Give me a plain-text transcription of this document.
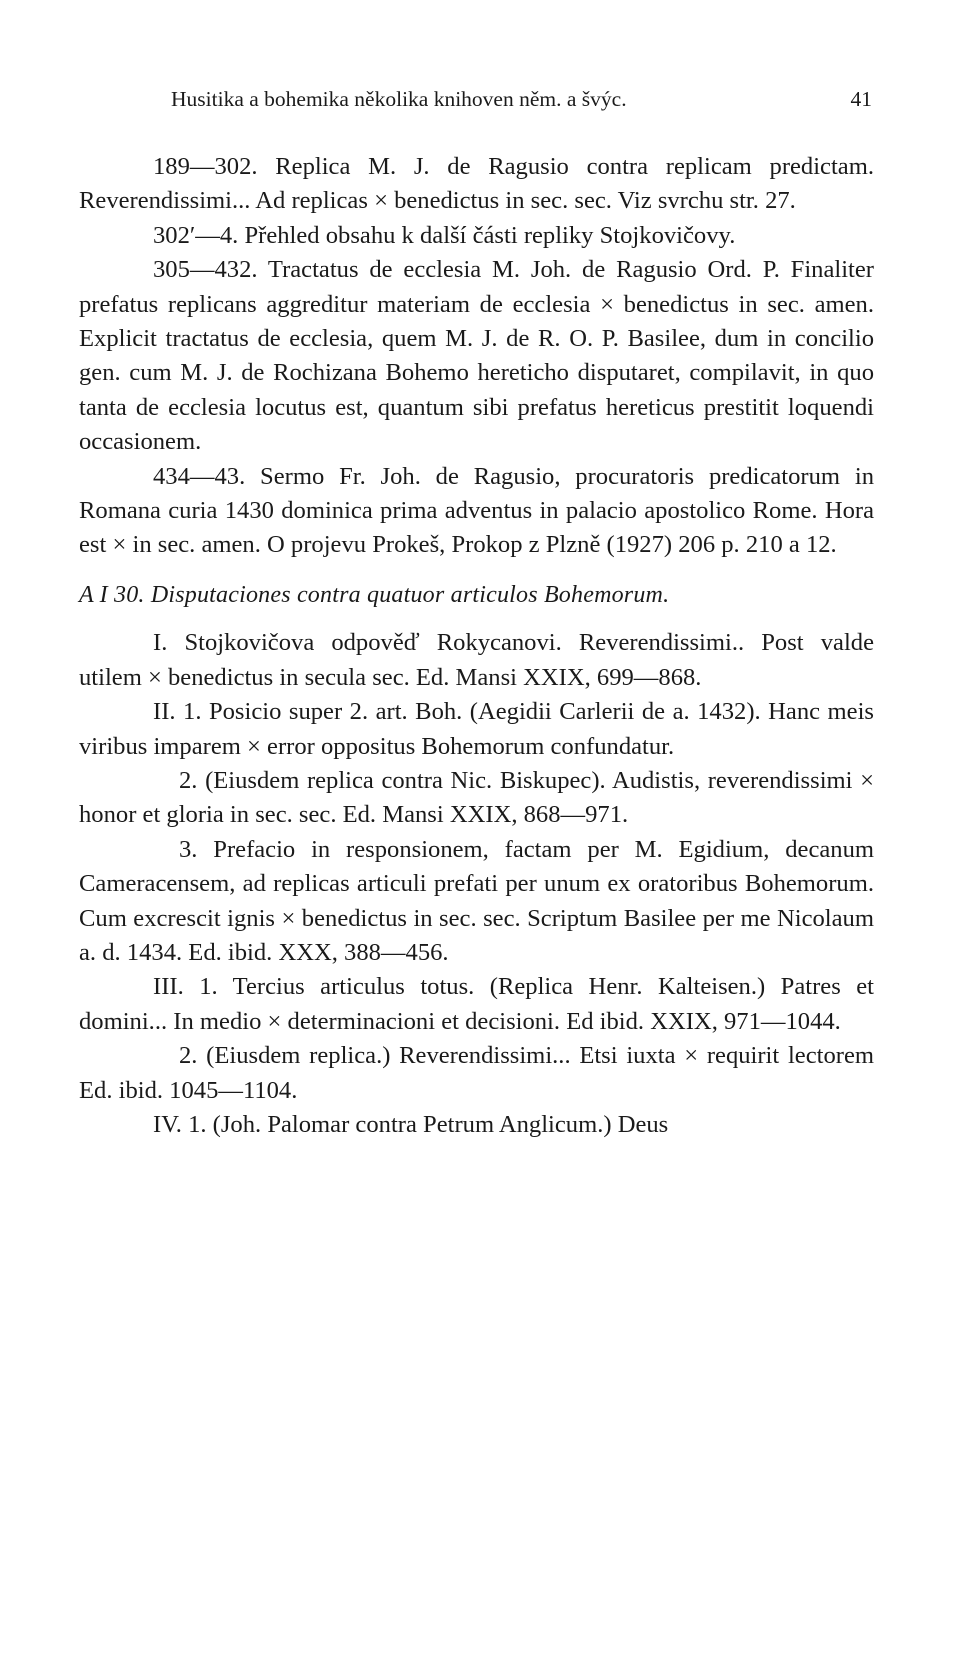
Husitika a bohemika několika knihoven něm. a švýc.	41

189—302. Replica M. J. de Ragusio contra replicam predictam. Reverendissimi... Ad replicas × benedictus in sec. sec. Viz svrchu str. 27.

302′—4. Přehled obsahu k další části repliky Stojkovičovy.

305—432. Tractatus de ecclesia M. Joh. de Ragusio Ord. P. Finaliter prefatus replicans aggreditur materiam de ecclesia × benedictus in sec. amen. Explicit tractatus de ecclesia, quem M. J. de R. O. P. Basilee, dum in concilio gen. cum M. J. de Rochizana Bohemo hereticho disputaret, compilavit, in quo tanta de ecclesia locutus est, quantum sibi prefatus hereticus prestitit loquendi occasionem.

434—43. Sermo Fr. Joh. de Ragusio, procuratoris predicatorum in Romana curia 1430 dominica prima adventus in palacio apostolico Rome. Hora est × in sec. amen. O projevu Prokeš, Prokop z Plzně (1927) 206 p. 210 a 12.

A I 30. Disputaciones contra quatuor articulos Bohemorum.

I. Stojkovičova odpověď Rokycanovi. Reverendissimi.. Post valde utilem × benedictus in secula sec. Ed. Mansi XXIX, 699—868.

II. 1. Posicio super 2. art. Boh. (Aegidii Carlerii de a. 1432). Hanc meis viribus imparem × error oppositus Bohemorum confundatur.

2. (Eiusdem replica contra Nic. Biskupec). Audistis, reverendissimi × honor et gloria in sec. sec. Ed. Mansi XXIX, 868—971.

3. Prefacio in responsionem, factam per M. Egidium, decanum Cameracensem, ad replicas articuli prefati per unum ex oratoribus Bohemorum. Cum excrescit ignis × benedictus in sec. sec. Scriptum Basilee per me Nicolaum a. d. 1434. Ed. ibid. XXX, 388—456.

III. 1. Tercius articulus totus. (Replica Henr. Kalteisen.) Patres et domini... In medio × determinacioni et decisioni. Ed ibid. XXIX, 971—1044.

2. (Eiusdem replica.) Reverendissimi... Etsi iuxta × requirit lectorem Ed. ibid. 1045—1104.

IV. 1. (Joh. Palomar contra Petrum Anglicum.) Deus
